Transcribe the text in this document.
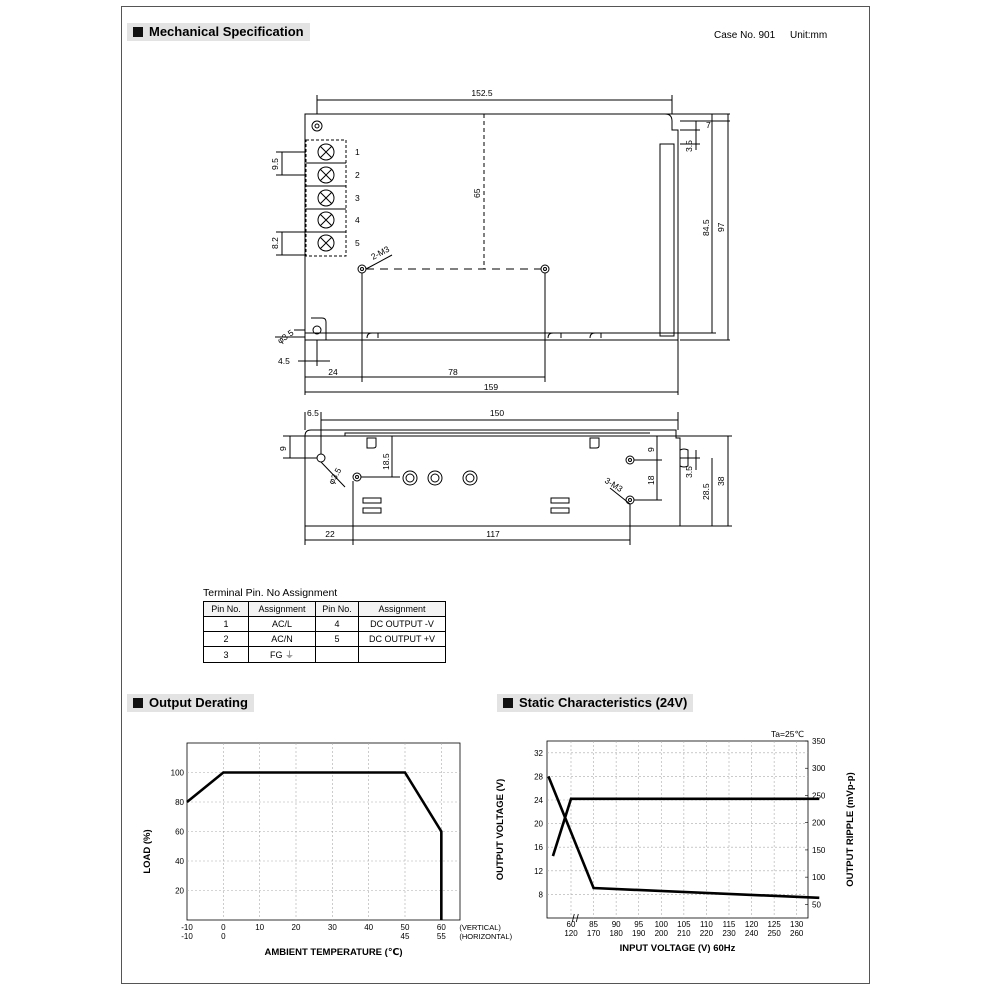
Mechanical Specification	Case No. 901 Unit:mm
152.5
7
3.5
84.5 97
65
9.5
8.2
φ3.5
4.5
24	78
159
2-M3
1
2
3
4
5
6.5	150
9
18.5
φ3.5	3-M3
9
18
3.5
28.5
38
22	117
Terminal Pin. No Assignment
Pin No.	Assignment	Pin No.	Assignment
1	AC/L	4	DC OUTPUT -V
2	AC/N	5	DC OUTPUT +V
3	FG ⏚		
Output Derating	Static Characteristics (24V)
20
40
60
80
100
-10
-10
0
0
10	20	30	40	50
45
60
55
(VERTICAL)
(HORIZONTAL)
LOAD (%)
AMBIENT TEMPERATURE (℃)
8
12
16
20
24
28
32
50
100
150
200
250
300
350
60
120
85
170
90
180
95
190
100
200
105
210
110
220
115
230
120
240
125
250
130
260
Ta=25℃
OUTPUT VOLTAGE (V)	OUTPUT RIPPLE (mVp-p)
INPUT VOLTAGE (V) 60Hz
